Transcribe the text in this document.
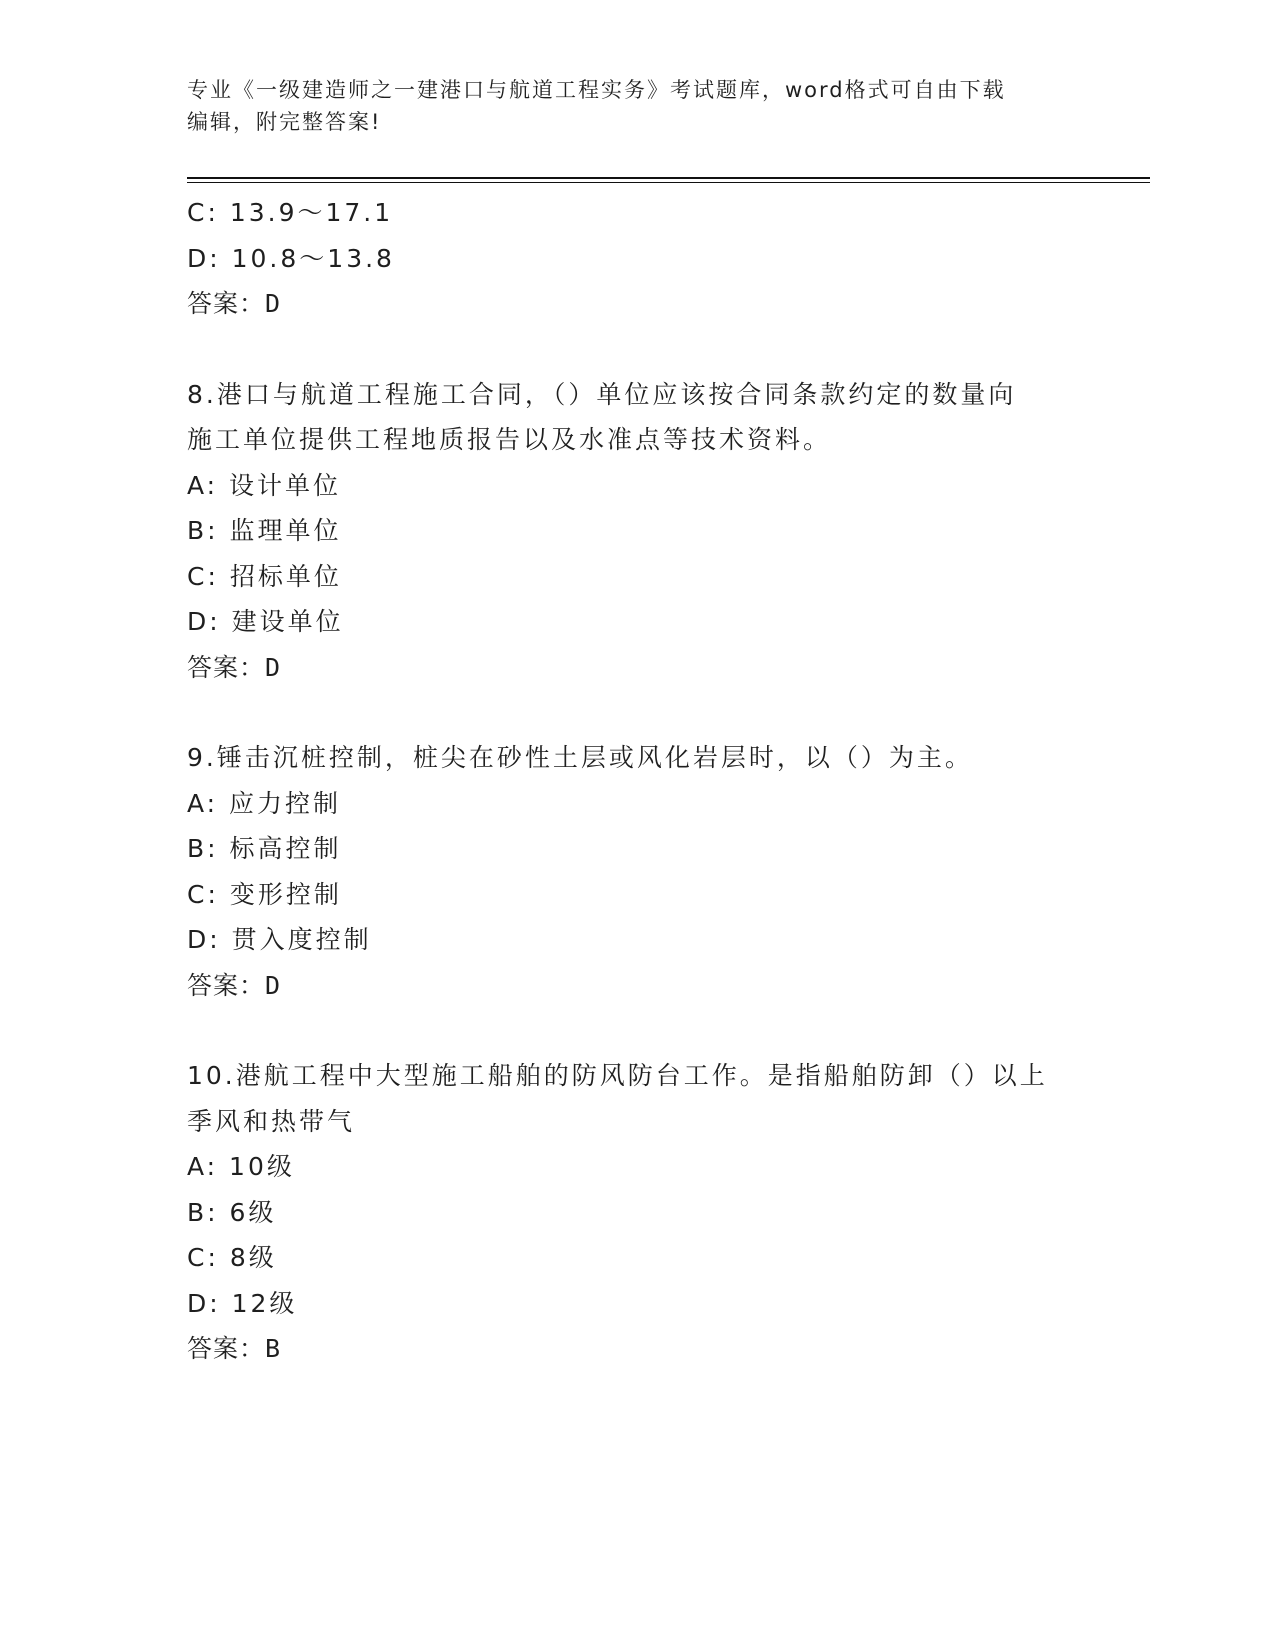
专业《一级建造师之一建港口与航道工程实务》考试题库，word格式可自由下载
编辑，附完整答案!
C: 13.9～17.1
D: 10.8～13.8
答案：D
8.港口与航道工程施工合同，（）单位应该按合同条款约定的数量向
施工单位提供工程地质报告以及水准点等技术资料。
A: 设计单位
B: 监理单位
C: 招标单位
D: 建设单位
答案：D
9.锤击沉桩控制，桩尖在砂性土层或风化岩层时，以（）为主。
A: 应力控制
B: 标高控制
C: 变形控制
D: 贯入度控制
答案：D
10.港航工程中大型施工船舶的防风防台工作。是指船舶防卸（）以上
季风和热带气
A: 10级
B: 6级
C: 8级
D: 12级
答案：B
